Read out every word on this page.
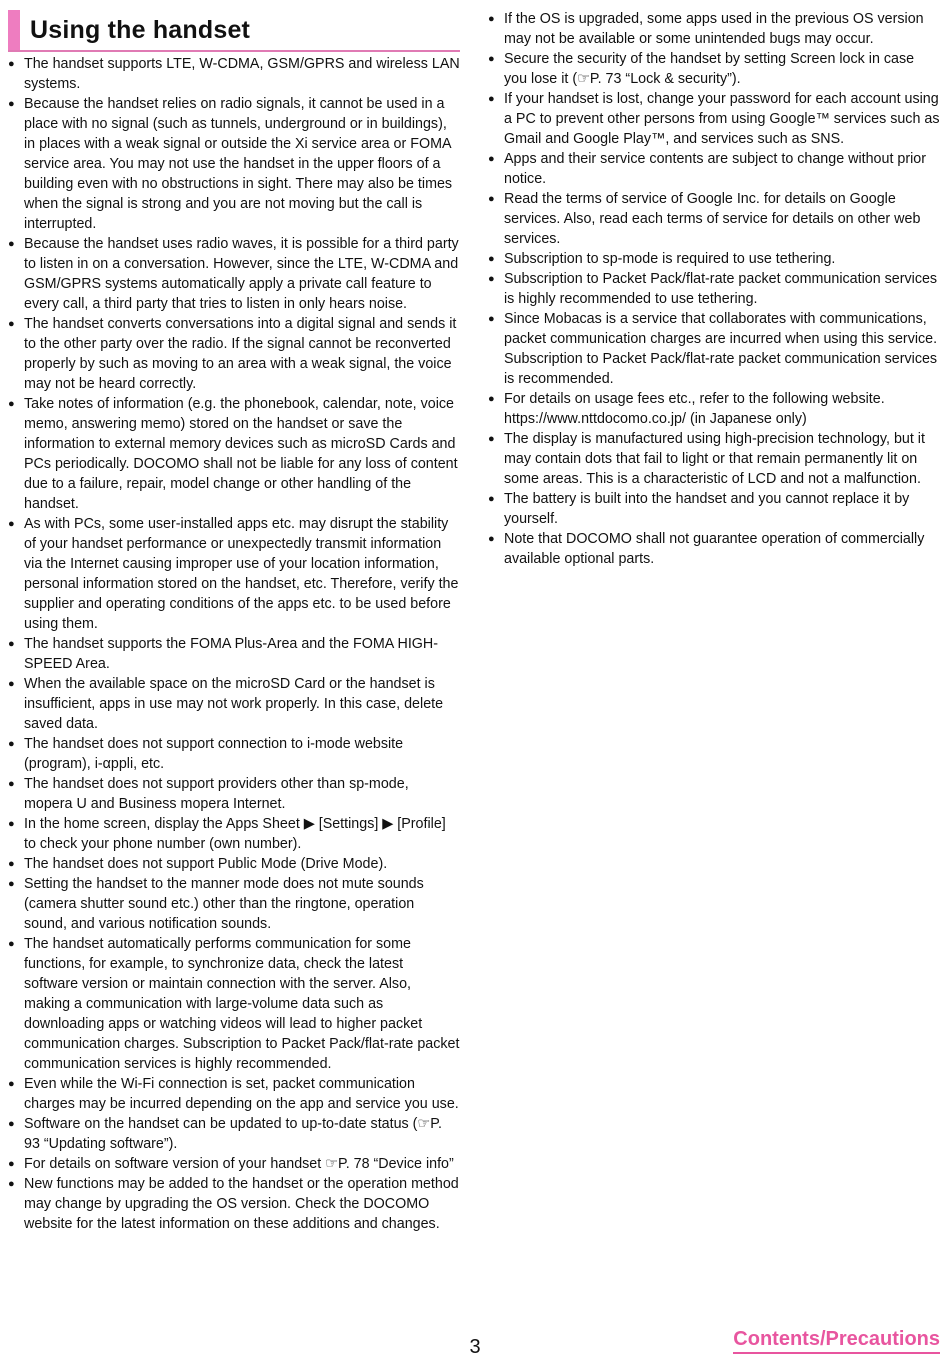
Using the handset
● The handset supports LTE, W-CDMA, GSM/GPRS and wireless LAN systems.
● Because the handset relies on radio signals, it cannot be used in a place with no signal (such as tunnels, underground or in buildings), in places with a weak signal or outside the Xi service area or FOMA service area. You may not use the handset in the upper floors of a building even with no obstructions in sight. There may also be times when the signal is strong and you are not moving but the call is interrupted.
● Because the handset uses radio waves, it is possible for a third party to listen in on a conversation. However, since the LTE, W-CDMA and GSM/GPRS systems automatically apply a private call feature to every call, a third party that tries to listen in only hears noise.
● The handset converts conversations into a digital signal and sends it to the other party over the radio. If the signal cannot be reconverted properly by such as moving to an area with a weak signal, the voice may not be heard correctly.
● Take notes of information (e.g. the phonebook, calendar, note, voice memo, answering memo) stored on the handset or save the information to external memory devices such as microSD Cards and PCs periodically. DOCOMO shall not be liable for any loss of content due to a failure, repair, model change or other handling of the handset.
● As with PCs, some user-installed apps etc. may disrupt the stability of your handset performance or unexpectedly transmit information via the Internet causing improper use of your location information, personal information stored on the handset, etc. Therefore, verify the supplier and operating conditions of the apps etc. to be used before using them.
● The handset supports the FOMA Plus-Area and the FOMA HIGH-SPEED Area.
● When the available space on the microSD Card or the handset is insufficient, apps in use may not work properly. In this case, delete saved data.
● The handset does not support connection to i-mode website (program), i-αppli, etc.
● The handset does not support providers other than sp-mode, mopera U and Business mopera Internet.
● In the home screen, display the Apps Sheet ▶ [Settings] ▶ [Profile] to check your phone number (own number).
● The handset does not support Public Mode (Drive Mode).
● Setting the handset to the manner mode does not mute sounds (camera shutter sound etc.) other than the ringtone, operation sound, and various notification sounds.
● The handset automatically performs communication for some functions, for example, to synchronize data, check the latest software version or maintain connection with the server. Also, making a communication with large-volume data such as downloading apps or watching videos will lead to higher packet communication charges. Subscription to Packet Pack/flat-rate packet communication services is highly recommended.
● Even while the Wi-Fi connection is set, packet communication charges may be incurred depending on the app and service you use.
● Software on the handset can be updated to up-to-date status (☞P. 93 “Updating software”).
● For details on software version of your handset ☞P. 78 “Device info”
● New functions may be added to the handset or the operation method may change by upgrading the OS version. Check the DOCOMO website for the latest information on these additions and changes.
● If the OS is upgraded, some apps used in the previous OS version may not be available or some unintended bugs may occur.
● Secure the security of the handset by setting Screen lock in case you lose it (☞P. 73 “Lock & security”).
● If your handset is lost, change your password for each account using a PC to prevent other persons from using Google™ services such as Gmail and Google Play™, and services such as SNS.
● Apps and their service contents are subject to change without prior notice.
● Read the terms of service of Google Inc. for details on Google services. Also, read each terms of service for details on other web services.
● Subscription to sp-mode is required to use tethering.
● Subscription to Packet Pack/flat-rate packet communication services is highly recommended to use tethering.
● Since Mobacas is a service that collaborates with communications, packet communication charges are incurred when using this service. Subscription to Packet Pack/flat-rate packet communication services is recommended.
● For details on usage fees etc., refer to the following website. https://www.nttdocomo.co.jp/ (in Japanese only)
● The display is manufactured using high-precision technology, but it may contain dots that fail to light or that remain permanently lit on some areas. This is a characteristic of LCD and not a malfunction.
● The battery is built into the handset and you cannot replace it by yourself.
● Note that DOCOMO shall not guarantee operation of commercially available optional parts.
3	Contents/Precautions
